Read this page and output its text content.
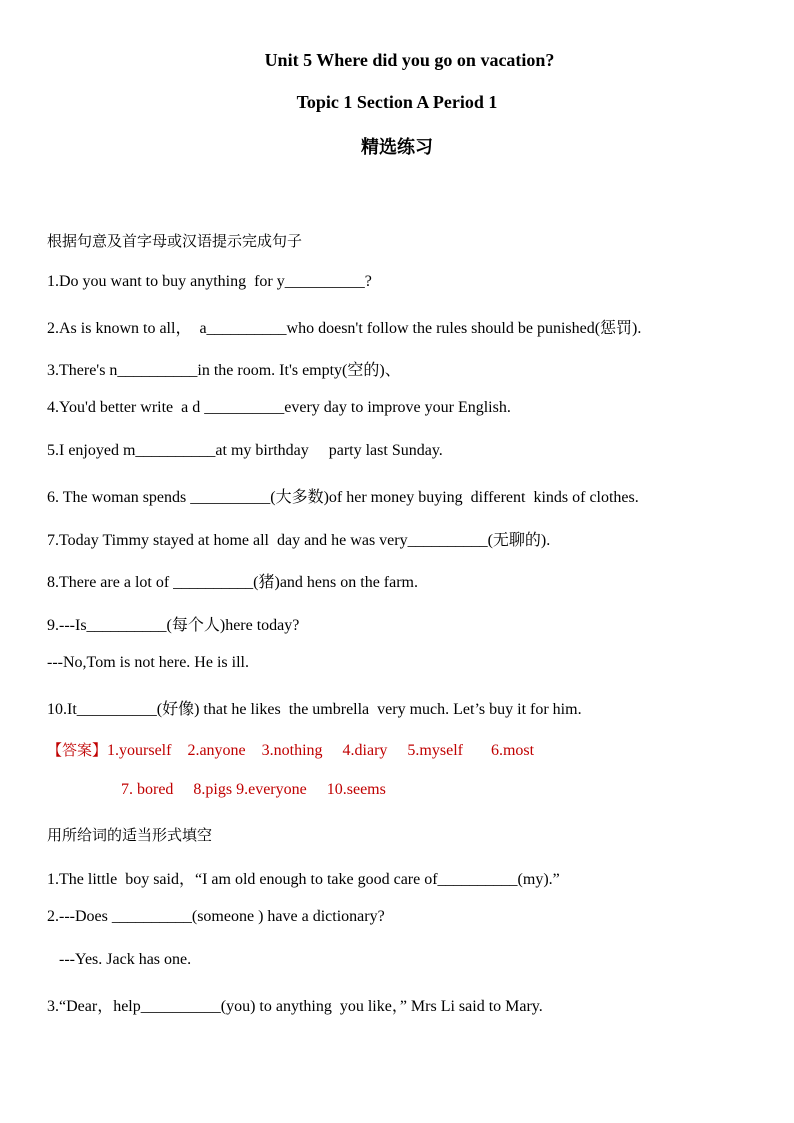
Unit 5 Where did you go on vacation?
Topic 1 Section A Period 1
精选练习
根据句意及首字母或汉语提示完成句子
1.Do you want to buy anything  for y__________?
2.As is known to all，  a__________who doesn't follow the rules should be punished(惩罚).
3.There's n__________in the room. It's empty(空的)、
4.You'd better write  a d __________every day to improve your English.
5.I enjoyed m__________at my birthday     party last Sunday.
6. The woman spends __________(大多数)of her money buying  different  kinds of clothes.
7.Today Timmy stayed at home all  day and he was very__________(无聊的).
8.There are a lot of __________(猪)and hens on the farm.
9.---Is__________(每个人)here today?
---No,Tom is not here. He is ill.
10.It__________(好像) that he likes  the umbrella  very much. Let’s buy it for him.
【答案】1.yourself    2.anyone    3.nothing     4.diary     5.myself       6.most
7. bored     8.pigs 9.everyone     10.seems
用所给词的适当形式填空
1.The little  boy said，“I am old enough to take good care of__________(my).”
2.---Does __________(someone ) have a dictionary?
---Yes. Jack has one.
3.“Dear，help__________(you) to anything  you like，” Mrs Li said to Mary.
